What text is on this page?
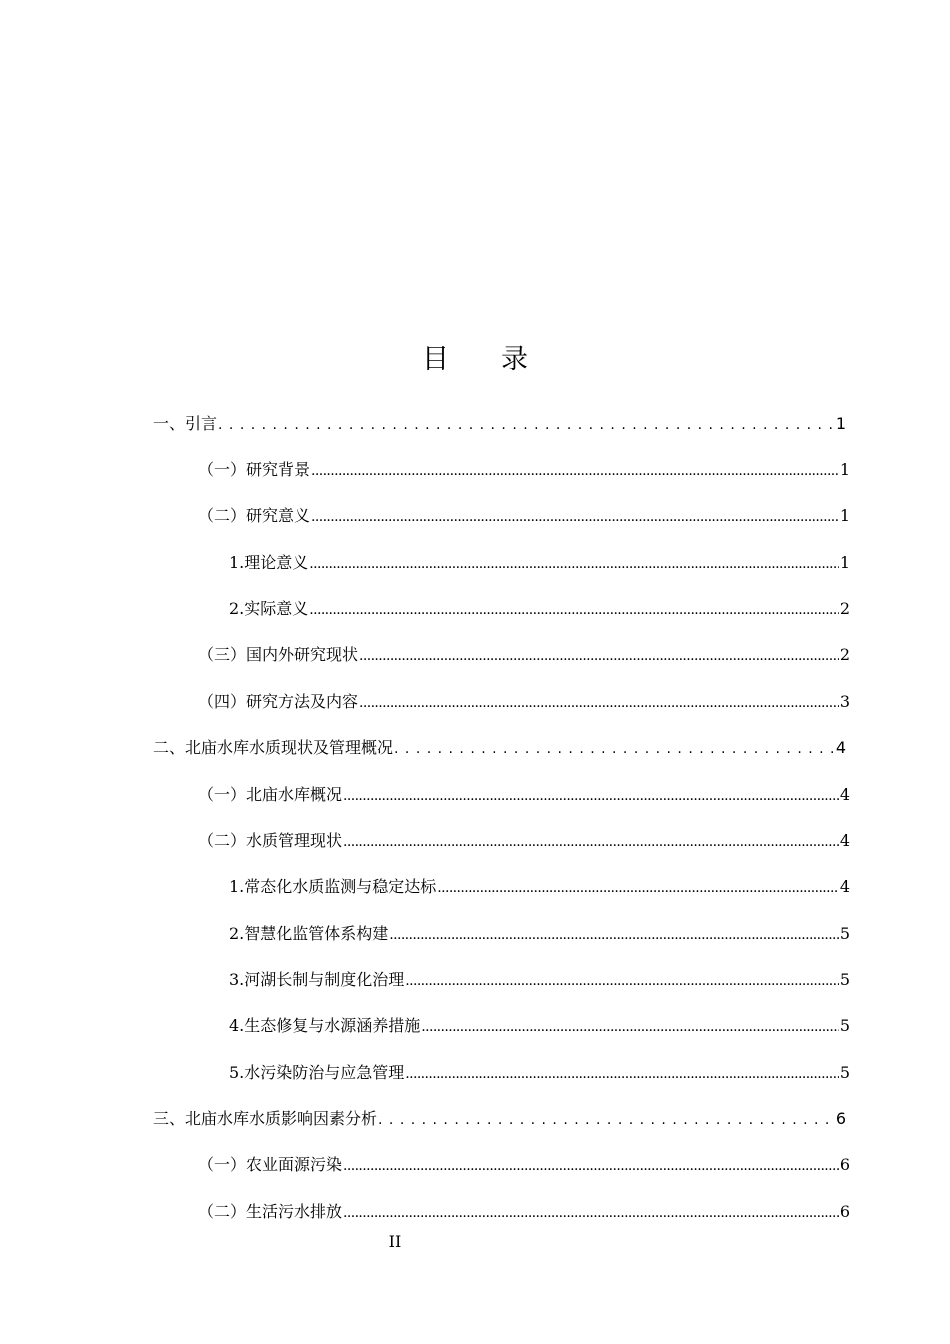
目录
一、引言 . . .	1
（一）研究背景 .....	1
（二）研究意义 .....	1
1.理论意义 .....	1
2.实际意义 .....	2
（三）国内外研究现状 .....	2
（四）研究方法及内容 .....	3
二、北庙水库水质现状及管理概况 . . .	4
（一）北庙水库概况 .....	4
（二）水质管理现状 .....	4
1.常态化水质监测与稳定达标 .....	4
2.智慧化监管体系构建 .....	5
3.河湖长制与制度化治理 .....	5
4.生态修复与水源涵养措施 .....	5
5.水污染防治与应急管理 .....	5
三、北庙水库水质影响因素分析 . . .	6
（一）农业面源污染 .....	6
（二）生活污水排放 .....	6
II
